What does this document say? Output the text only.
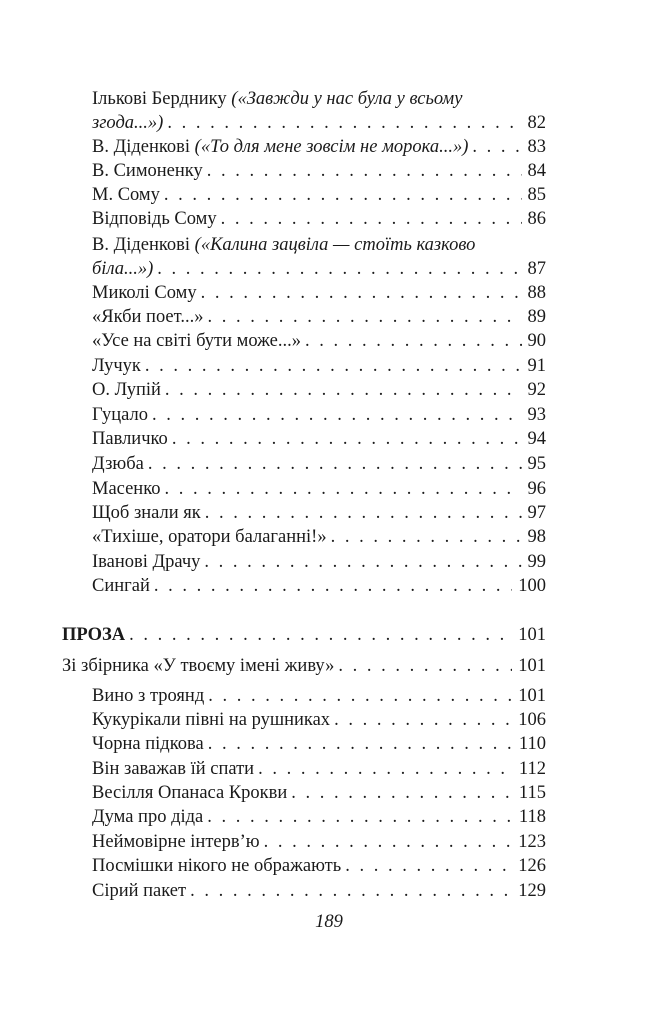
Ільковi Берднику («Завжди у нас була у всьому
згода...») . . .	82
В. Діденковi («То для мене зовсім не морока...») . . .	83
В. Симоненку . . .	84
М. Сому . . .	85
Відповідь Сому . . .	86
В. Діденковi («Калина зацвіла — стоїть казково
біла...») . . .	87
Миколі Сому . . .	88
«Якби поет...» . . .	89
«Усе на світі бути може...» . . .	90
Лучук . . .	91
О. Лупій . . .	92
Гуцало . . .	93
Павличко . . .	94
Дзюба . . .	95
Масенко . . .	96
Щоб знали як . . .	97
«Тихіше, оратори балаганні!» . . .	98
Івановi Драчу . . .	99
Сингай . . .	100
ПРОЗА . . .	101
Зі збірника «У твоєму імені живу» . . .	101
Вино з троянд . . .	101
Кукурікали півні на рушниках . . .	106
Чорна підкова . . .	110
Він заважав їй спати . . .	112
Весілля Опанаса Крокви . . .	115
Дума про діда . . .	118
Неймовірне інтерв’ю . . .	123
Посмішки нікого не ображають . . .	126
Сірий пакет . . .	129
189
